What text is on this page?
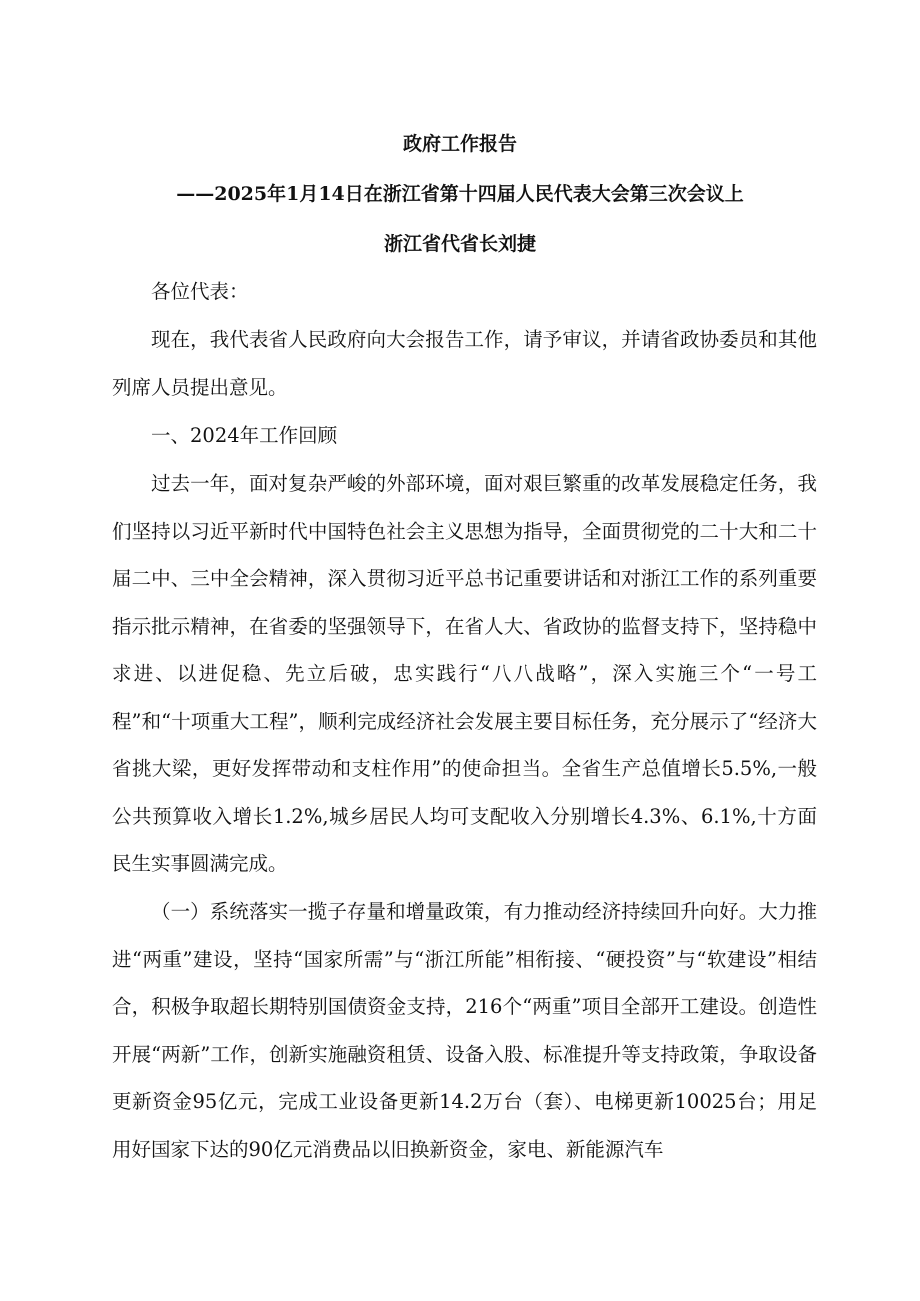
政府工作报告
——2025年1月14日在浙江省第十四届人民代表大会第三次会议上
浙江省代省长刘捷

各位代表：

现在，我代表省人民政府向大会报告工作，请予审议，并请省政协委员和其他列席人员提出意见。

一、2024年工作回顾

过去一年，面对复杂严峻的外部环境，面对艰巨繁重的改革发展稳定任务，我们坚持以习近平新时代中国特色社会主义思想为指导，全面贯彻党的二十大和二十届二中、三中全会精神，深入贯彻习近平总书记重要讲话和对浙江工作的系列重要指示批示精神，在省委的坚强领导下，在省人大、省政协的监督支持下，坚持稳中求进、以进促稳、先立后破，忠实践行“八八战略”，深入实施三个“一号工程”和“十项重大工程”，顺利完成经济社会发展主要目标任务，充分展示了“经济大省挑大梁，更好发挥带动和支柱作用”的使命担当。全省生产总值增长5.5%,一般公共预算收入增长1.2%,城乡居民人均可支配收入分别增长4.3%、6.1%,十方面民生实事圆满完成。

（一）系统落实一揽子存量和增量政策，有力推动经济持续回升向好。大力推进“两重”建设，坚持“国家所需”与“浙江所能”相衔接、“硬投资”与“软建设”相结合，积极争取超长期特别国债资金支持，216个“两重”项目全部开工建设。创造性开展“两新”工作，创新实施融资租赁、设备入股、标准提升等支持政策，争取设备更新资金95亿元，完成工业设备更新14.2万台（套）、电梯更新10025台；用足用好国家下达的90亿元消费品以旧换新资金，家电、新能源汽车
